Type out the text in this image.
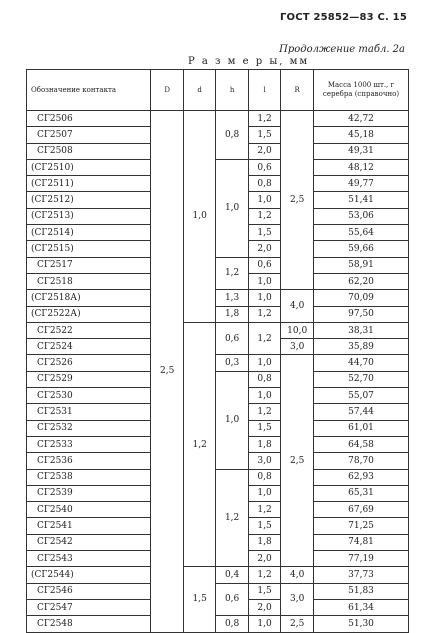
ГОСТ 25852—83 С. 15
Продолжение табл. 2а
Р а з м е р ы, мм
Обозначение контакта	D	d	h	l	R	Масса 1000 шт., г серебра (справочно)
СГ2506	2,5	1,0	0,8	1,2	2,5	42,72
СГ2507				1,5		45,18
СГ2508				2,0		49,31
(СГ2510)			1,0	0,6		48,12
(СГ2511)				0,8		49,77
(СГ2512)				1,0		51,41
(СГ2513)				1,2		53,06
(СГ2514)				1,5		55,64
(СГ2515)				2,0		59,66
СГ2517			1,2	0,6		58,91
СГ2518				1,0		62,20
(СГ2518А)			1,3	1,0	4,0	70,09
(СГ2522А)			1,8	1,2		97,50
СГ2522		1,2	0,6	1,2	10,0	38,31
СГ2524					3,0	35,89
СГ2526			0,3	1,0	2,5	44,70
СГ2529			1,0	0,8		52,70
СГ2530				1,0		55,07
СГ2531				1,2		57,44
СГ2532				1,5		61,01
СГ2533				1,8		64,58
СГ2536				3,0		78,70
СГ2538			1,2	0,8		62,93
СГ2539				1,0		65,31
СГ2540				1,2		67,69
СГ2541				1,5		71,25
СГ2542				1,8		74,81
СГ2543				2,0		77,19
(СГ2544)		1,5	0,4	1,2	4,0	37,73
СГ2546			0,6	1,5	3,0	51,83
СГ2547				2,0		61,34
СГ2548			0,8	1,0	2,5	51,30
